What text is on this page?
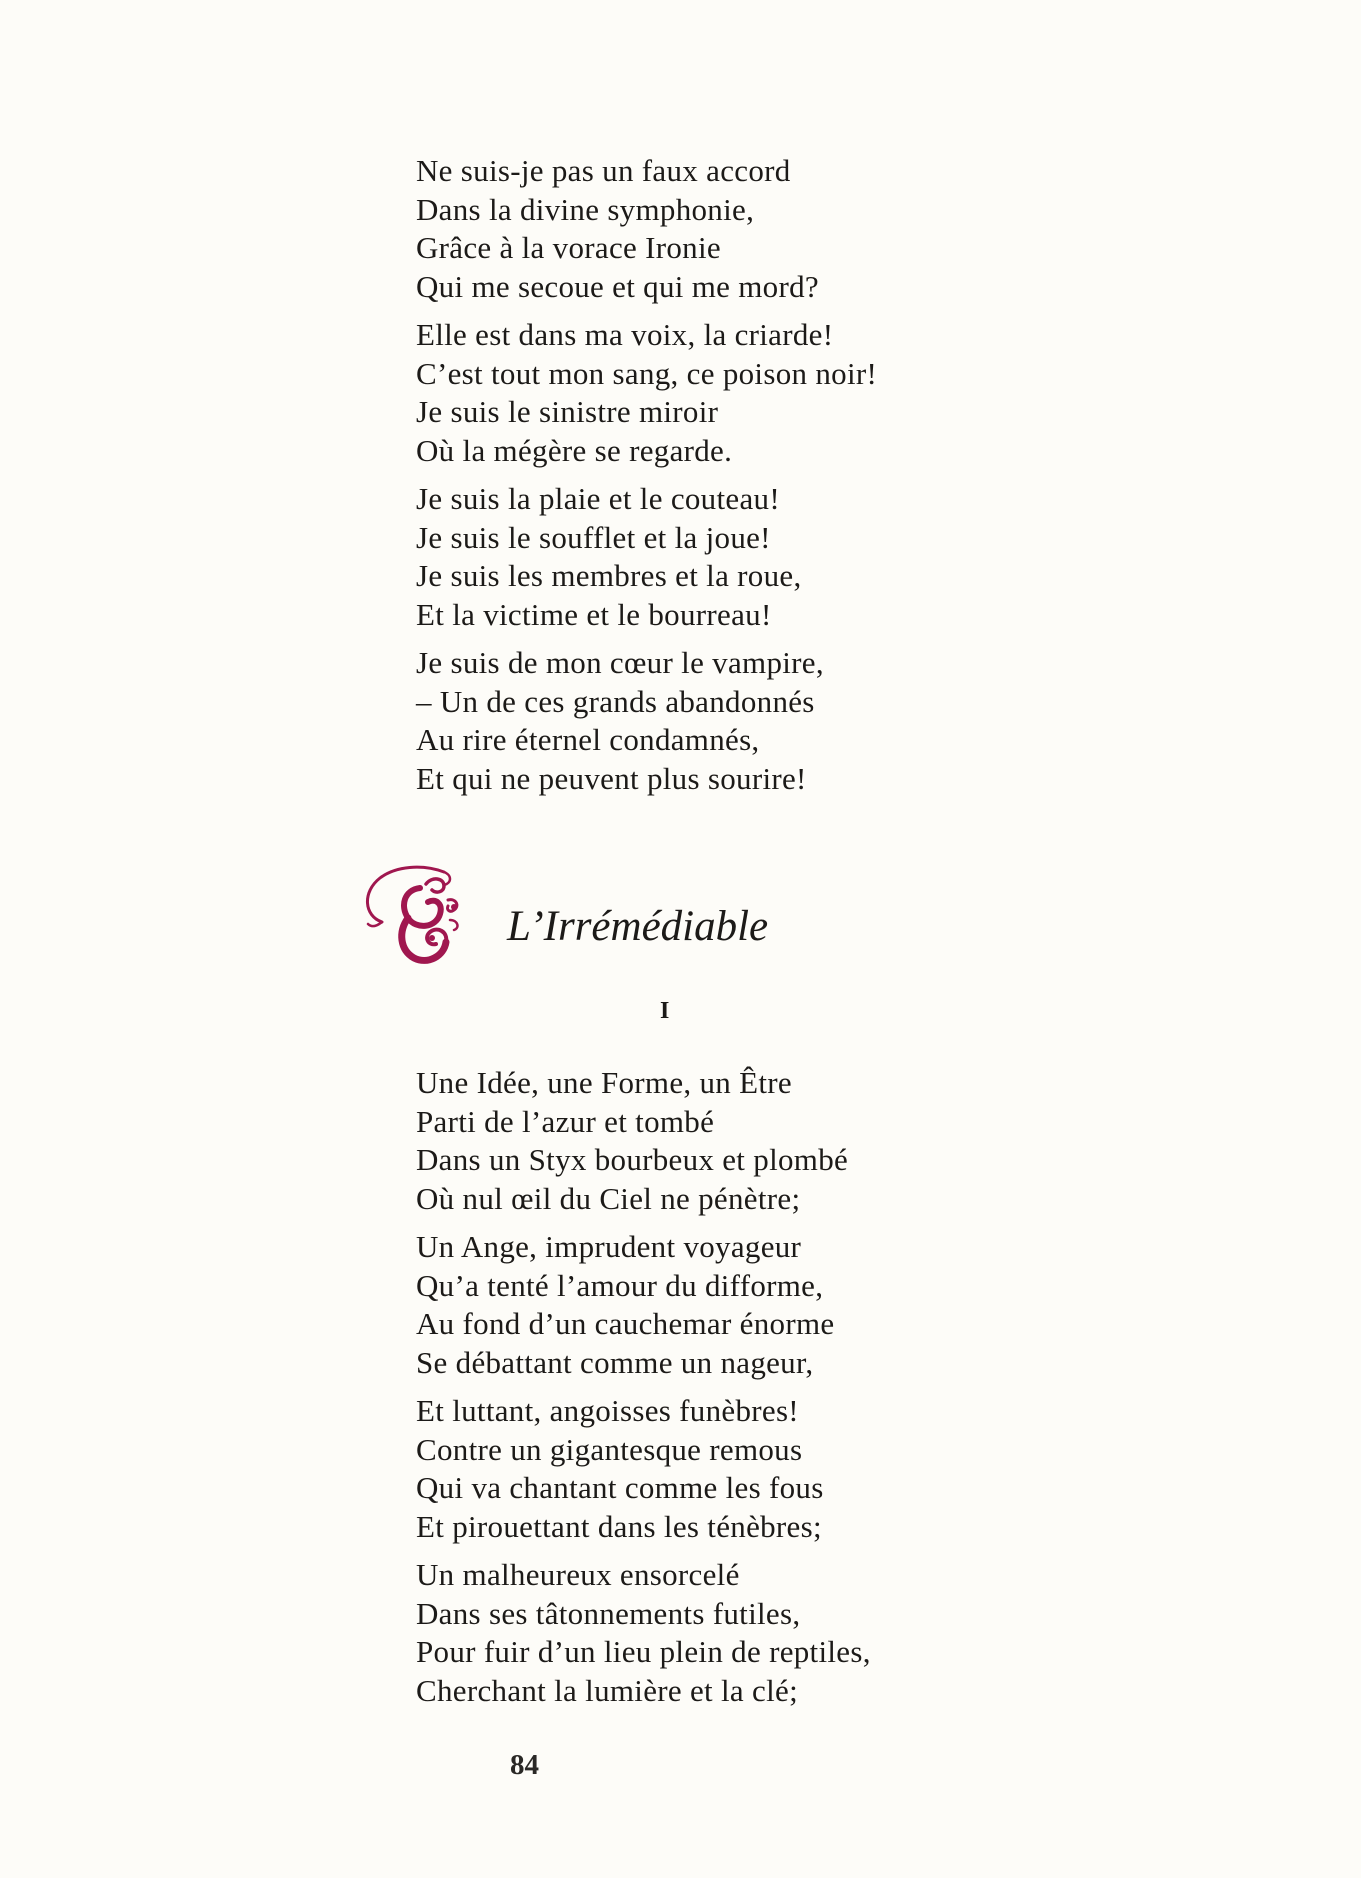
Ne suis-je pas un faux accord
Dans la divine symphonie,
Grâce à la vorace Ironie
Qui me secoue et qui me mord?
Elle est dans ma voix, la criarde!
C’est tout mon sang, ce poison noir!
Je suis le sinistre miroir
Où la mégère se regarde.
Je suis la plaie et le couteau!
Je suis le soufflet et la joue!
Je suis les membres et la roue,
Et la victime et le bourreau!
Je suis de mon cœur le vampire,
– Un de ces grands abandonnés
Au rire éternel condamnés,
Et qui ne peuvent plus sourire!
L’Irrémédiable
I
Une Idée, une Forme, un Être
Parti de l’azur et tombé
Dans un Styx bourbeux et plombé
Où nul œil du Ciel ne pénètre;
Un Ange, imprudent voyageur
Qu’a tenté l’amour du difforme,
Au fond d’un cauchemar énorme
Se débattant comme un nageur,
Et luttant, angoisses funèbres!
Contre un gigantesque remous
Qui va chantant comme les fous
Et pirouettant dans les ténèbres;
Un malheureux ensorcelé
Dans ses tâtonnements futiles,
Pour fuir d’un lieu plein de reptiles,
Cherchant la lumière et la clé;
84
